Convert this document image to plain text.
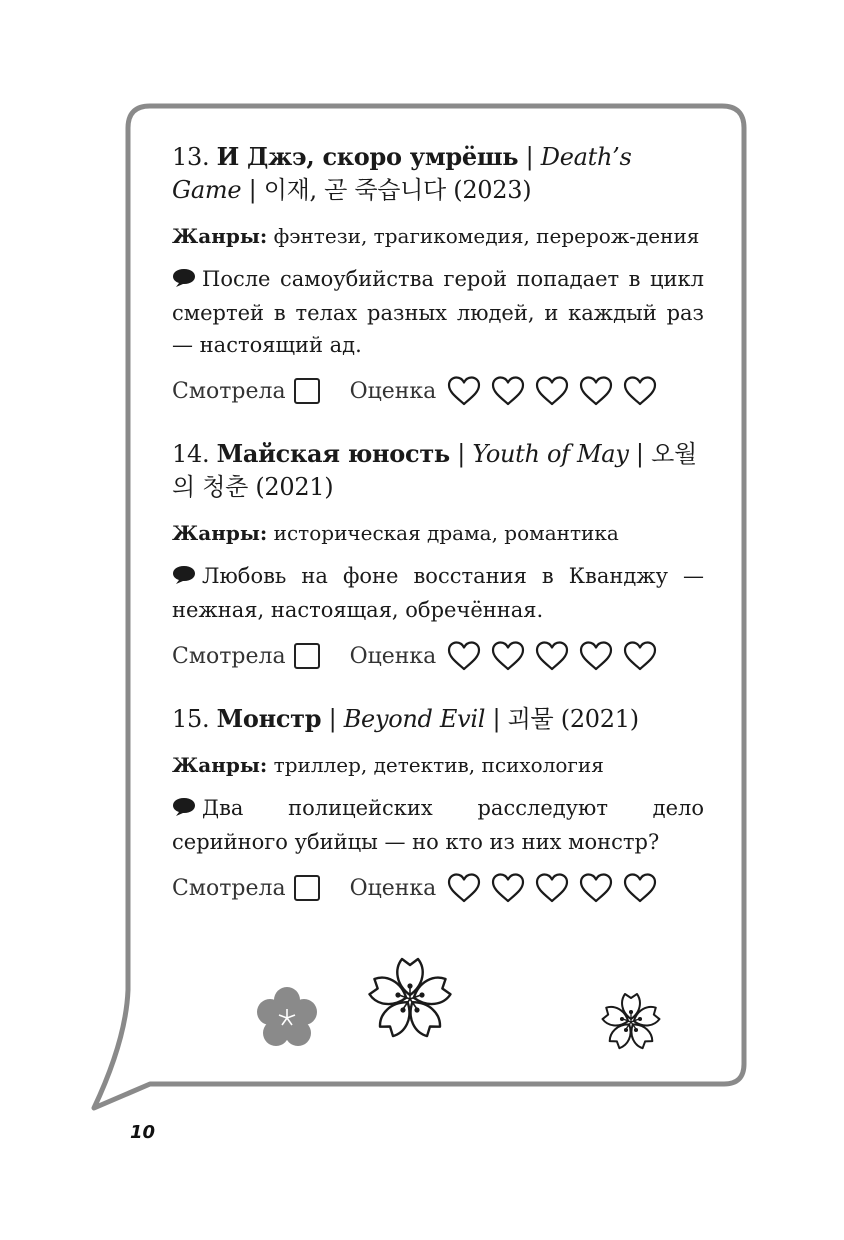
13. И Джэ, скоро умрёшь | Death’s Game | 이재, 곧 죽습니다 (2023)

Жанры: фэнтези, трагикомедия, перерож-дения

После самоубийства герой попадает в цикл смертей в телах разных людей, и каждый раз — настоящий ад.

Смотрела	Оценка

14. Майская юность | Youth of May | 오월의 청춘 (2021)

Жанры: историческая драма, романтика

Любовь на фоне восстания в Кванджу — нежная, настоящая, обречённая.

Смотрела	Оценка

15. Монстр | Beyond Evil | 괴물 (2021)

Жанры: триллер, детектив, психология

Два полицейских расследуют дело серийного убийцы — но кто из них монстр?

Смотрела	Оценка
10
